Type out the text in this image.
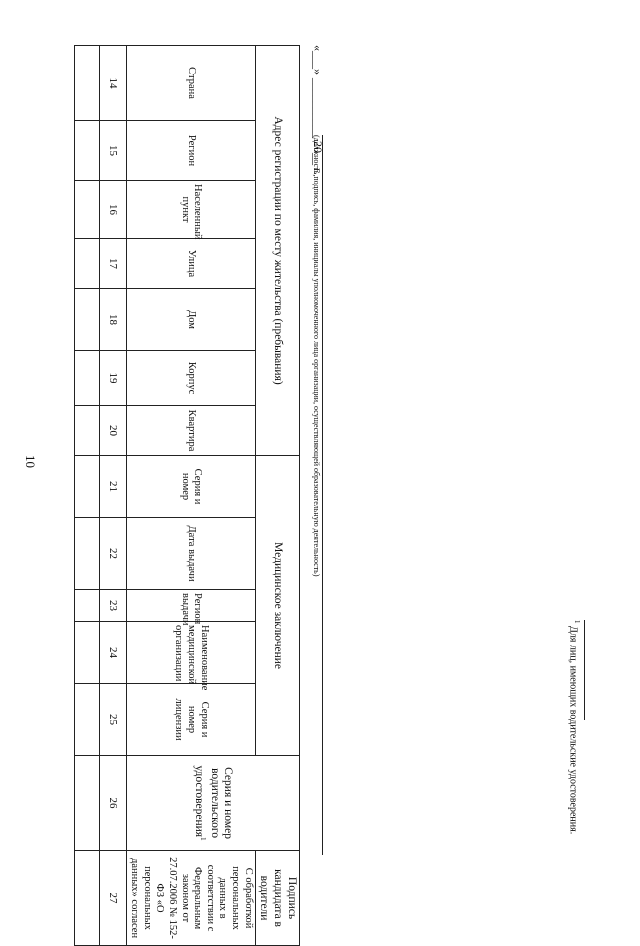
10
Адрес регистрации по месту жительства (пребывания)							Медицинское заключение					Серия и номер водительского удостоверения$^1$	Подпись кандидата в водители
Страна	Регион	Населенный пункт	Улица	Дом	Корпус	Квартира	Серия и номер	Дата выдачи	Регион выдачи	Наименование медицинской организации	Серия и номер лицензии		С обработкой персональных данных в соответствии с Федеральным законом от 27.07.2006 № 152-ФЗ «О персональных данных» согласен
14	15	16	17	18	19	20	21	22	23	24	25	26	27

«___» __________ 20__ г.
(должность,подпись, фамилия, инициалы уполномоченного лица организации, осуществляющей образовательную деятельность)
$^1$ Для лиц, имеющих водительские удостоверения.
